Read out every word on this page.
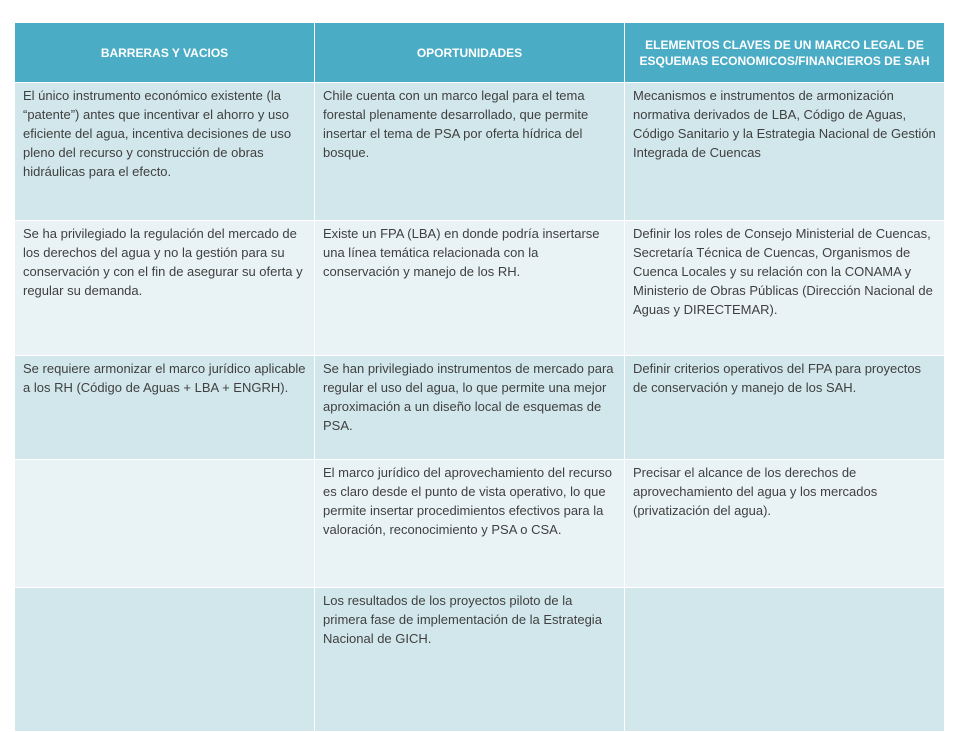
BARRERAS Y VACIOS	OPORTUNIDADES	ELEMENTOS CLAVES DE UN MARCO LEGAL DE ESQUEMAS ECONOMICOS/FINANCIEROS DE SAH
El único instrumento económico existente (la “patente”) antes que incentivar el ahorro y uso eficiente del agua, incentiva decisiones de uso pleno del recurso y construcción de obras hidráulicas para el efecto.	Chile cuenta con un marco legal para el tema forestal plenamente desarrollado, que permite insertar el tema de PSA por oferta hídrica del bosque.	Mecanismos e instrumentos de armonización normativa derivados de LBA, Código de Aguas, Código Sanitario y la Estrategia Nacional de Gestión Integrada de Cuencas
Se ha privilegiado la regulación del mercado de los derechos del agua y no la gestión para su conservación y con el fin de asegurar su oferta y regular su demanda.	Existe un FPA (LBA) en donde podría insertarse una línea temática relacionada con la conservación y manejo de los RH.	Definir los roles de Consejo Ministerial de Cuencas, Secretaría Técnica de Cuencas, Organismos de Cuenca Locales y su relación con la CONAMA y Ministerio de Obras Públicas (Dirección Nacional de Aguas y DIRECTEMAR).
Se requiere armonizar el marco jurídico aplicable a los RH (Código de Aguas + LBA + ENGRH).	Se han privilegiado instrumentos de mercado para regular el uso del agua, lo que permite una mejor aproximación a un diseño local de esquemas de PSA.	Definir criterios operativos del FPA para proyectos de conservación y manejo de los SAH.
	El marco jurídico del aprovechamiento del recurso es claro desde el punto de vista operativo, lo que permite insertar procedimientos efectivos para la valoración, reconocimiento y PSA o CSA.	Precisar el alcance de los derechos de aprovechamiento del agua y los mercados (privatización del agua).
	Los resultados de los proyectos piloto de la primera fase de implementación de la Estrategia Nacional de GICH.	
